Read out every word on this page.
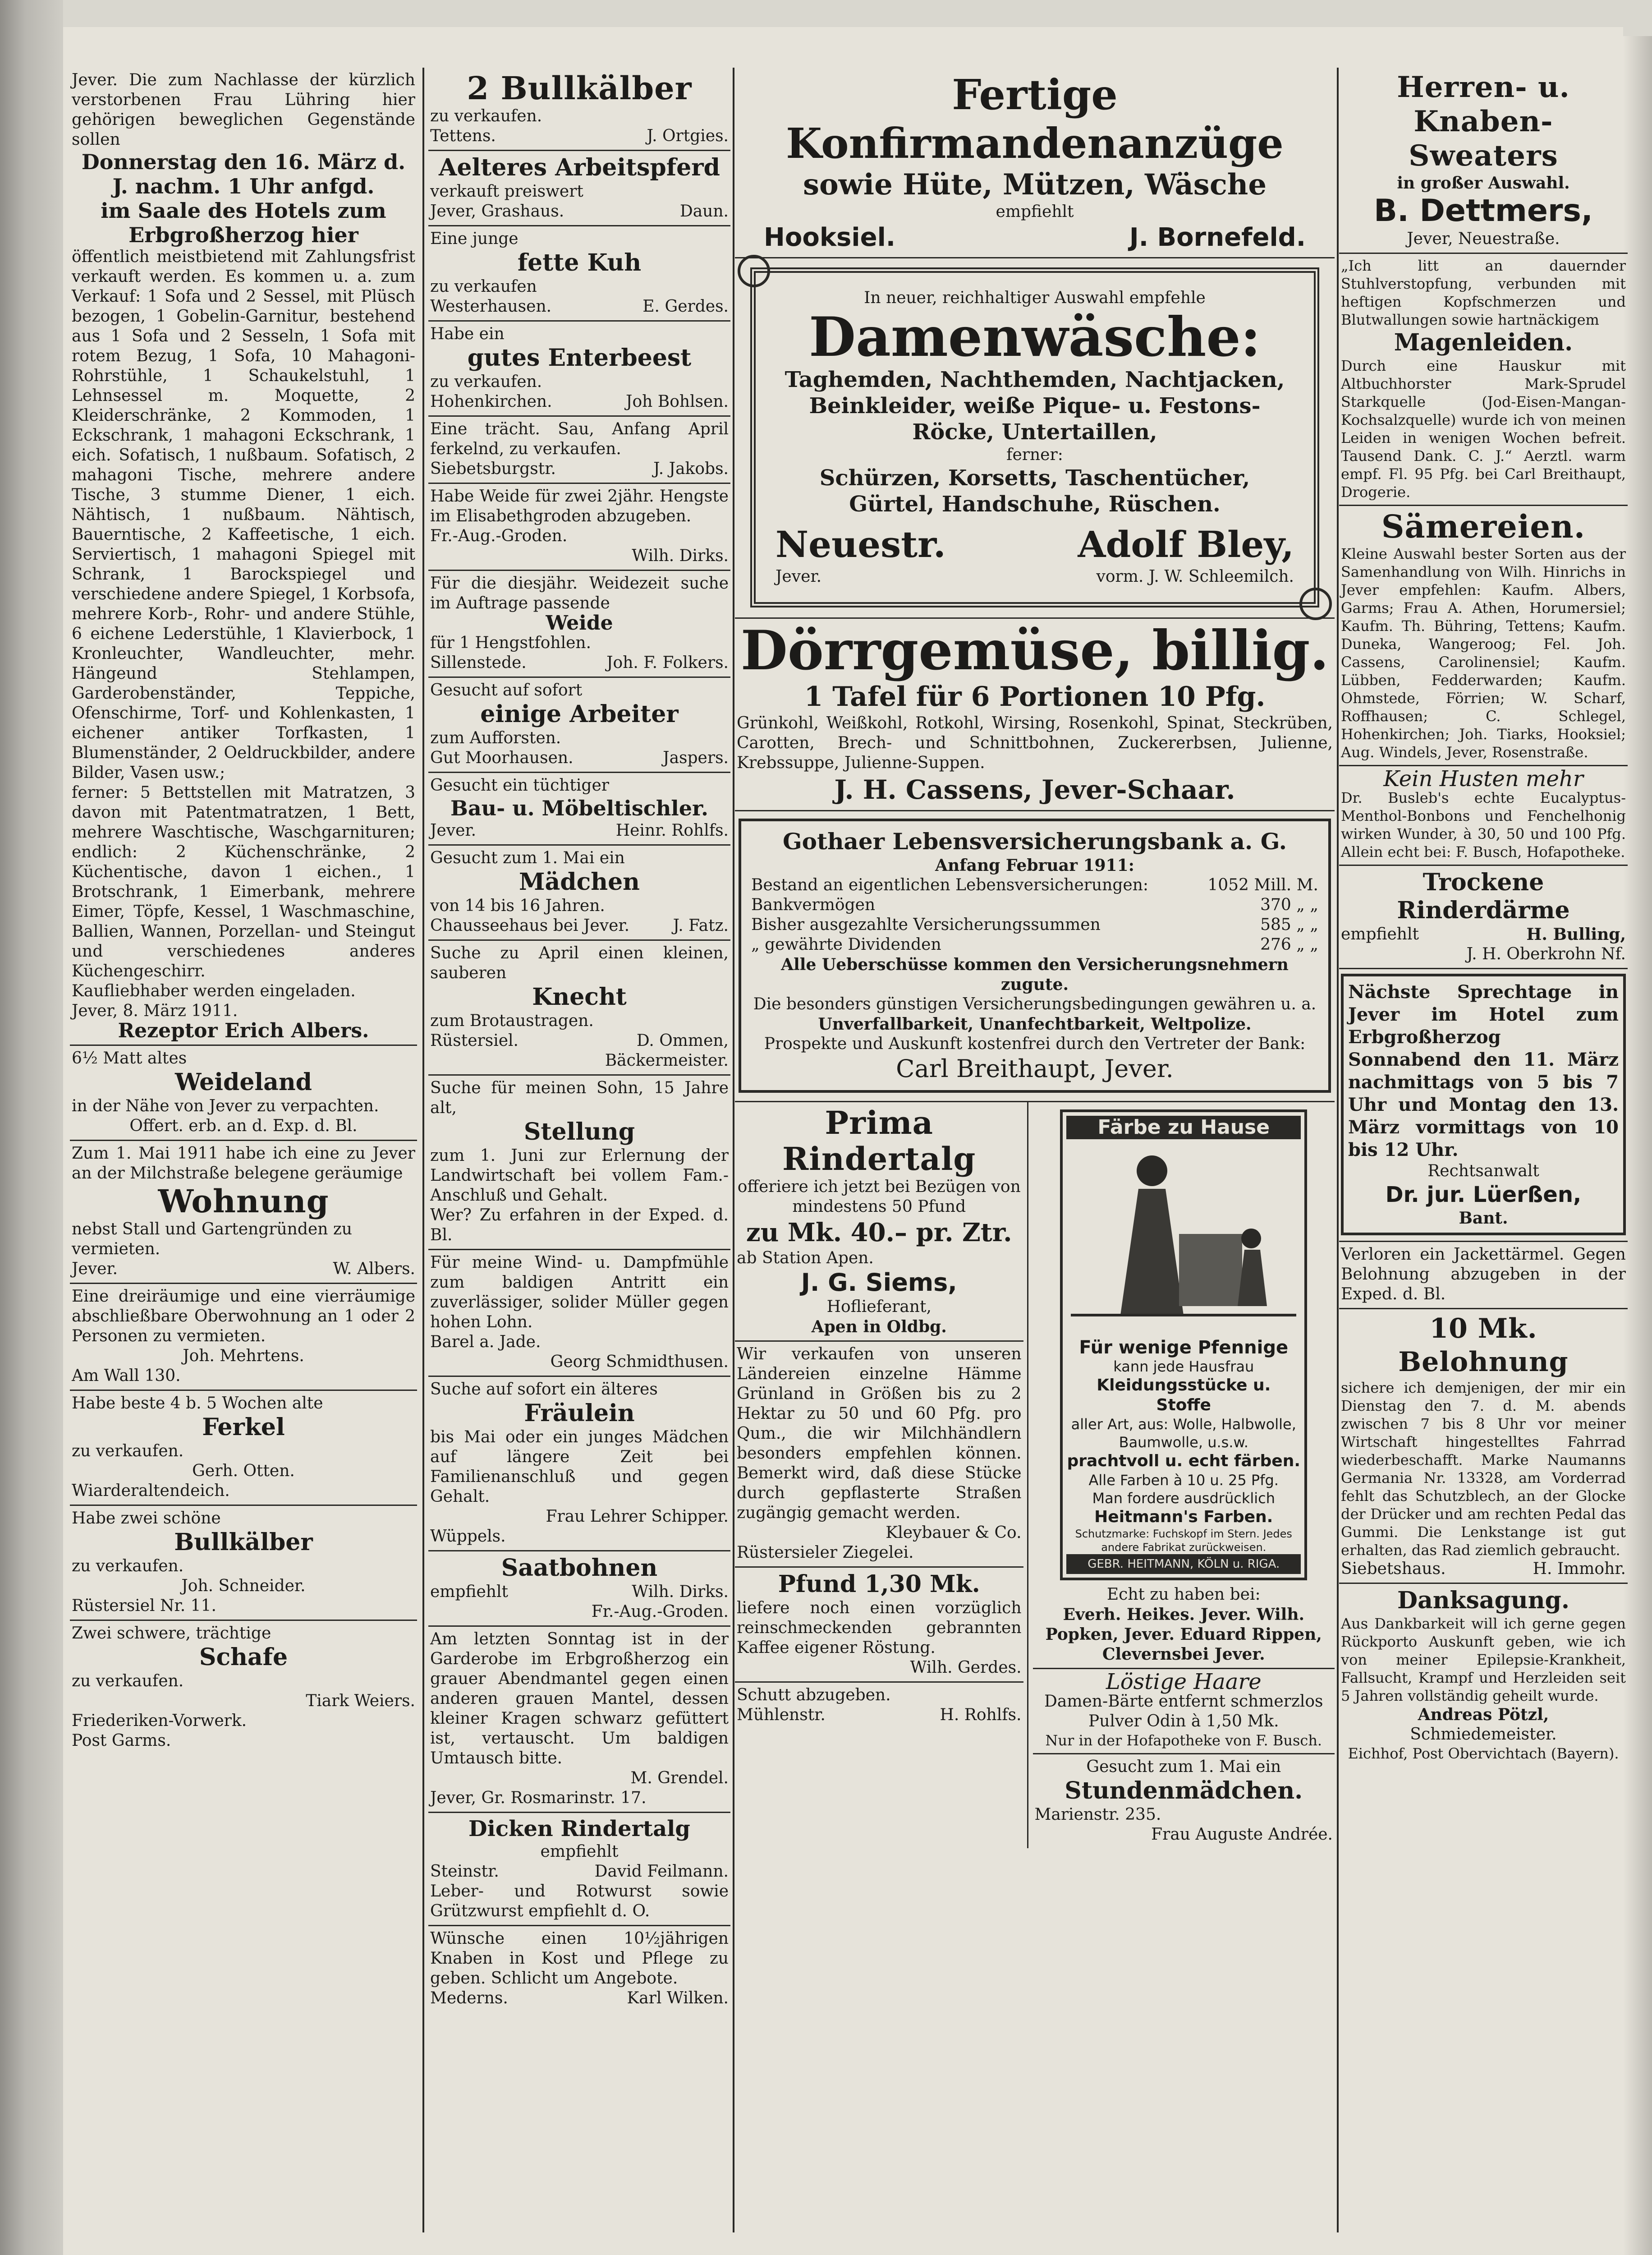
Jever. Die zum Nachlasse der kürzlich verstorbenen Frau Lühring hier gehörigen beweglichen Gegenstände sollen

Donnerstag den 16. März d. J. nachm. 1 Uhr anfgd.

im Saale des Hotels zum Erbgroßherzog hier

öffentlich meistbietend mit Zahlungsfrist verkauft werden. Es kommen u. a. zum Verkauf: 1 Sofa und 2 Sessel, mit Plüsch bezogen, 1 Gobelin-Garnitur, bestehend aus 1 Sofa und 2 Sesseln, 1 Sofa mit rotem Bezug, 1 Sofa, 10 Mahagoni-Rohrstühle, 1 Schaukelstuhl, 1 Lehnsessel m. Moquette, 2 Kleiderschränke, 2 Kommoden, 1 Eckschrank, 1 mahagoni Eckschrank, 1 eich. Sofatisch, 1 nußbaum. Sofatisch, 2 mahagoni Tische, mehrere andere Tische, 3 stumme Diener, 1 eich. Nähtisch, 1 nußbaum. Nähtisch, Bauerntische, 2 Kaffeetische, 1 eich. Serviertisch, 1 mahagoni Spiegel mit Schrank, 1 Barockspiegel und verschiedene andere Spiegel, 1 Korbsofa, mehrere Korb-, Rohr- und andere Stühle, 6 eichene Lederstühle, 1 Klavierbock, 1 Kronleuchter, Wandleuchter, mehr. Hängeund Stehlampen, Garderobenständer, Teppiche, Ofenschirme, Torf- und Kohlenkasten, 1 eichener antiker Torfkasten, 1 Blumenständer, 2 Oeldruckbilder, andere Bilder, Vasen usw.;

ferner: 5 Bettstellen mit Matratzen, 3 davon mit Patentmatratzen, 1 Bett, mehrere Waschtische, Waschgarnituren; endlich: 2 Küchenschränke, 2 Küchentische, davon 1 eichen., 1 Brotschrank, 1 Eimerbank, mehrere Eimer, Töpfe, Kessel, 1 Waschmaschine, Ballien, Wannen, Porzellan- und Steingut und verschiedenes anderes Küchengeschirr.

Kaufliebhaber werden eingeladen.

Jever, 8. März 1911.

Rezeptor Erich Albers.

6½ Matt altes

Weideland

in der Nähe von Jever zu verpachten.

Offert. erb. an d. Exp. d. Bl.

Zum 1. Mai 1911 habe ich eine zu Jever an der Milchstraße belegene geräumige

Wohnung

nebst Stall und Gartengründen zu vermieten.

Jever.	W. Albers.

Eine dreiräumige und eine vierräumige abschließbare Oberwohnung an 1 oder 2 Personen zu vermieten.

Joh. Mehrtens.

Am Wall 130.

Habe beste 4 b. 5 Wochen alte

Ferkel

zu verkaufen.

Gerh. Otten.

Wiarderaltendeich.

Habe zwei schöne

Bullkälber

zu verkaufen.

Joh. Schneider.

Rüstersiel Nr. 11.

Zwei schwere, trächtige

Schafe

zu verkaufen.

Tiark Weiers.

Friederiken-Vorwerk.

Post Garms.

2 Bullkälber

zu verkaufen.

Tettens.	J. Ortgies.

Aelteres Arbeitspferd

verkauft preiswert

Jever, Grashaus.	Daun.

Eine junge

fette Kuh

zu verkaufen

Westerhausen.	E. Gerdes.

Habe ein

gutes Enterbeest

zu verkaufen.

Hohenkirchen.	Joh Bohlsen.

Eine trächt. Sau, Anfang April ferkelnd, zu verkaufen.

Siebetsburgstr.	J. Jakobs.

Habe Weide für zwei 2jähr. Hengste im Elisabethgroden abzugeben.

Fr.-Aug.-Groden.

Wilh. Dirks.

Für die diesjähr. Weidezeit suche im Auftrage passende

Weide

für 1 Hengstfohlen.

Sillenstede.	Joh. F. Folkers.

Gesucht auf sofort

einige Arbeiter

zum Aufforsten.

Gut Moorhausen.	Jaspers.

Gesucht ein tüchtiger

Bau- u. Möbeltischler.

Jever.	Heinr. Rohlfs.

Gesucht zum 1. Mai ein

Mädchen

von 14 bis 16 Jahren.

Chausseehaus bei Jever.	J. Fatz.

Suche zu April einen kleinen, sauberen

Knecht

zum Brotaustragen.

Rüstersiel.	D. Ommen,

Bäckermeister.

Suche für meinen Sohn, 15 Jahre alt,

Stellung

zum 1. Juni zur Erlernung der Landwirtschaft bei vollem Fam.-Anschluß und Gehalt.

Wer? Zu erfahren in der Exped. d. Bl.

Für meine Wind- u. Dampfmühle zum baldigen Antritt ein zuverlässiger, solider Müller gegen hohen Lohn.

Barel a. Jade.

Georg Schmidthusen.

Suche auf sofort ein älteres

Fräulein

bis Mai oder ein junges Mädchen auf längere Zeit bei Familienanschluß und gegen Gehalt.

Frau Lehrer Schipper.

Wüppels.

Saatbohnen

empfiehlt	Wilh. Dirks.

Fr.-Aug.-Groden.

Am letzten Sonntag ist in der Garderobe im Erbgroßherzog ein grauer Abendmantel gegen einen anderen grauen Mantel, dessen kleiner Kragen schwarz gefüttert ist, vertauscht. Um baldigen Umtausch bitte.

M. Grendel.

Jever, Gr. Rosmarinstr. 17.

Dicken Rindertalg

empfiehlt

Steinstr.	David Feilmann.

Leber- und Rotwurst sowie Grützwurst empfiehlt d. O.

Wünsche einen 10½jährigen Knaben in Kost und Pflege zu geben. Schlicht um Angebote.

Mederns.	Karl Wilken.

Fertige Konfirmandenanzüge

sowie Hüte, Mützen, Wäsche

empfiehlt

Hooksiel.	J. Bornefeld.

In neuer, reichhaltiger Auswahl empfehle

Damenwäsche:

Taghemden, Nachthemden, Nachtjacken, Beinkleider, weiße Pique- u. Festons-Röcke, Untertaillen,

ferner:

Schürzen, Korsetts, Taschentücher, Gürtel, Handschuhe, Rüschen.

Neuestr.	Adolf Bley,
Jever.	vorm. J. W. Schleemilch.

Dörrgemüse, billig.

1 Tafel für 6 Portionen 10 Pfg.

Grünkohl, Weißkohl, Rotkohl, Wirsing, Rosenkohl, Spinat, Steckrüben, Carotten, Brech- und Schnittbohnen, Zuckererbsen, Julienne, Krebssuppe, Julienne-Suppen.

J. H. Cassens, Jever-Schaar.

Gothaer Lebensversicherungsbank a. G.

Anfang Februar 1911:

Bestand an eigentlichen Lebensversicherungen:	1052 Mill. M.
Bankvermögen	370 „ „
Bisher ausgezahlte Versicherungssummen	585 „ „
„ gewährte Dividenden	276 „ „

Alle Ueberschüsse kommen den Versicherungsnehmern zugute.

Die besonders günstigen Versicherungsbedingungen gewähren u. a.

Unverfallbarkeit, Unanfechtbarkeit, Weltpolize.

Prospekte und Auskunft kostenfrei durch den Vertreter der Bank:

Carl Breithaupt, Jever.

Prima Rindertalg

offeriere ich jetzt bei Bezügen von mindestens 50 Pfund

zu Mk. 40.– pr. Ztr.

ab Station Apen.

J. G. Siems,

Hoflieferant,

Apen in Oldbg.

Wir verkaufen von unseren Ländereien einzelne Hämme Grünland in Größen bis zu 2 Hektar zu 50 und 60 Pfg. pro Qum., die wir Milchhändlern besonders empfehlen können. Bemerkt wird, daß diese Stücke durch gepflasterte Straßen zugängig gemacht werden.

Kleybauer & Co.

Rüstersieler Ziegelei.

Pfund 1,30 Mk.

liefere noch einen vorzüglich reinschmeckenden gebrannten Kaffee eigener Röstung.

Wilh. Gerdes.

Schutt abzugeben.

Mühlenstr.	H. Rohlfs.
Färbe zu Hause

Für wenige Pfennige

kann jede Hausfrau

Kleidungsstücke u. Stoffe

aller Art, aus: Wolle, Halbwolle, Baumwolle, u.s.w.

prachtvoll u. echt färben.

Alle Farben à 10 u. 25 Pfg.

Man fordere ausdrücklich

Heitmann's Farben.

Schutzmarke: Fuchskopf im Stern. Jedes andere Fabrikat zurückweisen.

GEBR. HEITMANN, KÖLN u. RIGA.

Echt zu haben bei:

Everh. Heikes. Jever. Wilh. Popken, Jever. Eduard Rippen, Clevernsbei Jever.

Löstige Haare

Damen-Bärte entfernt schmerzlos Pulver Odin à 1,50 Mk.

Nur in der Hofapotheke von F. Busch.

Gesucht zum 1. Mai ein

Stundenmädchen.

Marienstr. 235.

Frau Auguste Andrée.

Herren- u. Knaben-Sweaters

in großer Auswahl.

B. Dettmers,

Jever, Neuestraße.

„Ich litt an dauernder Stuhlverstopfung, verbunden mit heftigen Kopfschmerzen und Blutwallungen sowie hartnäckigem

Magenleiden.

Durch eine Hauskur mit Altbuchhorster Mark-Sprudel Starkquelle (Jod-Eisen-Mangan-Kochsalzquelle) wurde ich von meinen Leiden in wenigen Wochen befreit. Tausend Dank. C. J.“ Aerztl. warm empf. Fl. 95 Pfg. bei Carl Breithaupt, Drogerie.

Sämereien.

Kleine Auswahl bester Sorten aus der Samenhandlung von Wilh. Hinrichs in Jever empfehlen: Kaufm. Albers, Garms; Frau A. Athen, Horumersiel; Kaufm. Th. Bühring, Tettens; Kaufm. Duneka, Wangeroog; Fel. Joh. Cassens, Carolinensiel; Kaufm. Lübben, Fedderwarden; Kaufm. Ohmstede, Förrien; W. Scharf, Roffhausen; C. Schlegel, Hohenkirchen; Joh. Tiarks, Hooksiel; Aug. Windels, Jever, Rosenstraße.

Kein Husten mehr

Dr. Busleb's echte Eucalyptus-Menthol-Bonbons und Fenchelhonig wirken Wunder, à 30, 50 und 100 Pfg. Allein echt bei: F. Busch, Hofapotheke.

Trockene Rinderdärme

empfiehlt	H. Bulling,

J. H. Oberkrohn Nf.

Nächste Sprechtage in Jever im Hotel zum Erbgroßherzog Sonnabend den 11. März nachmittags von 5 bis 7 Uhr und Montag den 13. März vormittags von 10 bis 12 Uhr.

Rechtsanwalt

Dr. jur. Lüerßen,

Bant.

Verloren ein Jackettärmel. Gegen Belohnung abzugeben in der Exped. d. Bl.

10 Mk. Belohnung

sichere ich demjenigen, der mir ein Dienstag den 7. d. M. abends zwischen 7 bis 8 Uhr vor meiner Wirtschaft hingestelltes Fahrrad wiederbeschafft. Marke Naumanns Germania Nr. 13328, am Vorderrad fehlt das Schutzblech, an der Glocke der Drücker und am rechten Pedal das Gummi. Die Lenkstange ist gut erhalten, das Rad ziemlich gebraucht.

Siebetshaus.	H. Immohr.

Danksagung.

Aus Dankbarkeit will ich gerne gegen Rückporto Auskunft geben, wie ich von meiner Epilepsie-Krankheit, Fallsucht, Krampf und Herzleiden seit 5 Jahren vollständig geheilt wurde.

Andreas Pötzl,

Schmiedemeister.

Eichhof, Post Obervichtach (Bayern).
